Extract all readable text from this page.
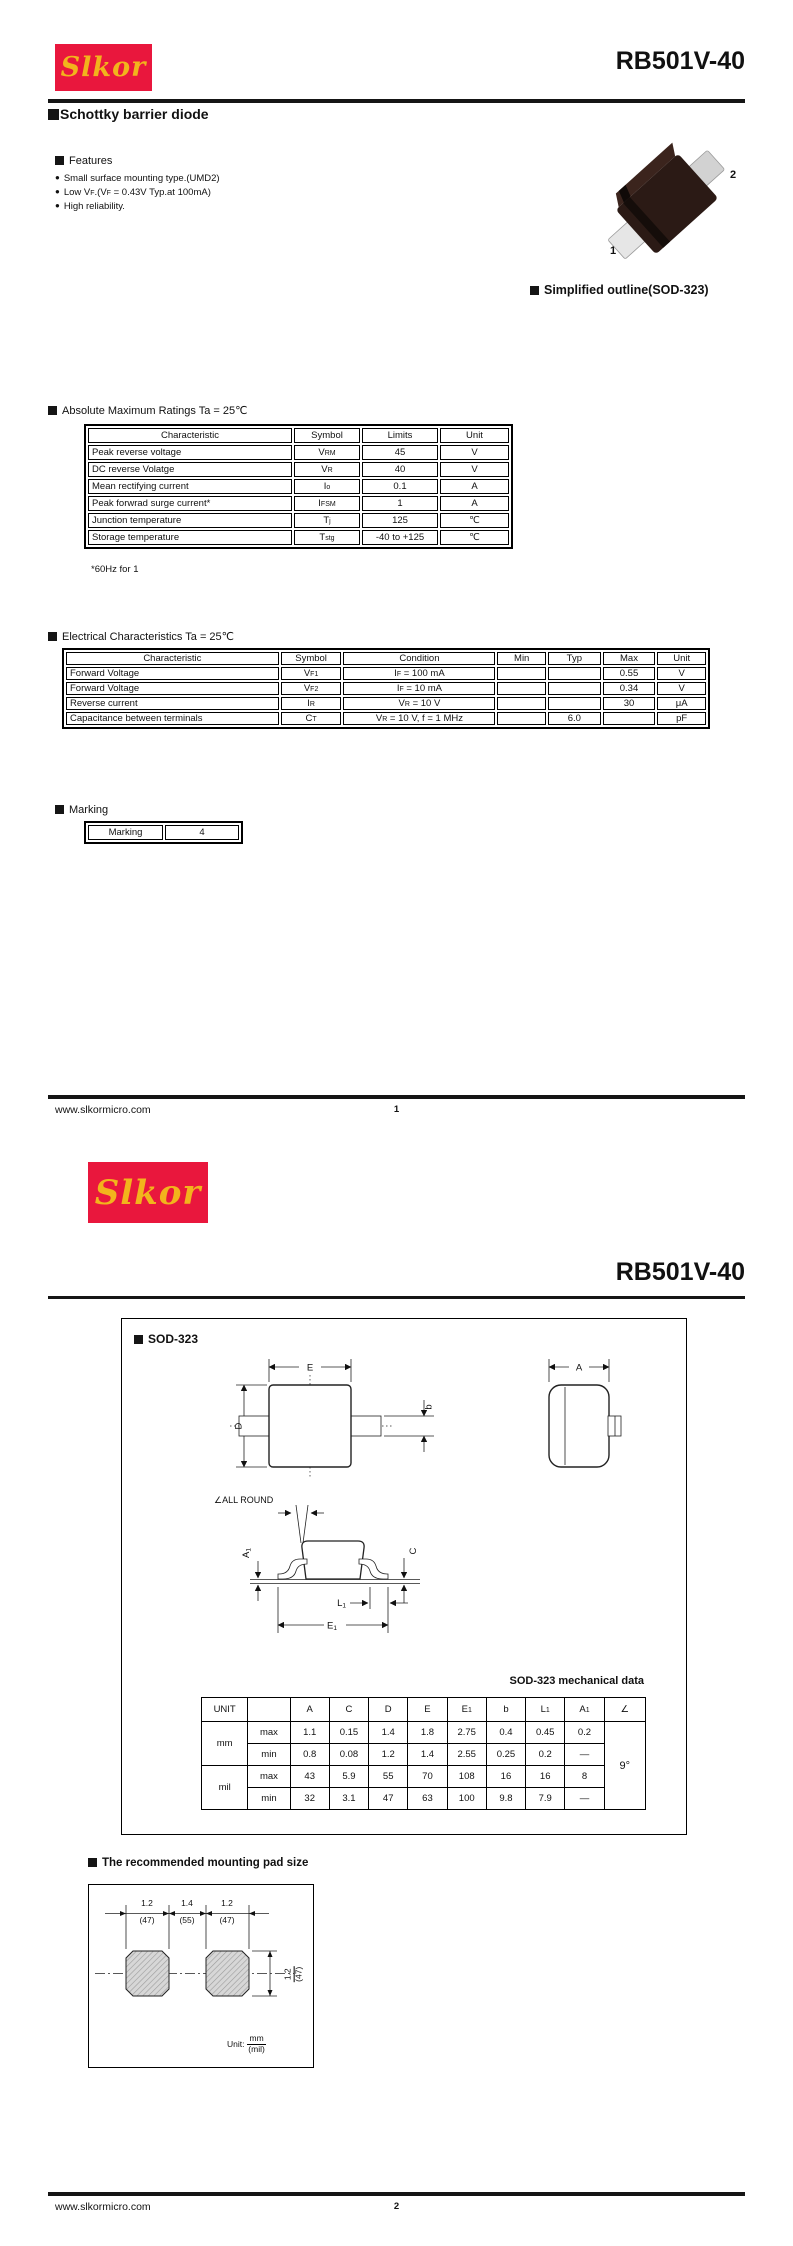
Slkor	RB501V-40
Schottky barrier diode
Features
● Small surface mounting type.(UMD2)
● Low VF.(VF = 0.43V Typ.at 100mA)
● High reliability.
2
1
Simplified outline(SOD-323)
Absolute Maximum Ratings Ta = 25℃
Characteristic	Symbol	Limits	Unit
Peak reverse voltage	VRM	45	V
DC reverse Volatge	VR	40	V
Mean rectifying current	Io	0.1	A
Peak forwrad surge current*	IFSM	1	A
Junction temperature	Tj	125	℃
Storage temperature	Tstg	-40 to +125	℃
*60Hz for 1
Electrical Characteristics Ta = 25℃
Characteristic	Symbol	Condition	Min	Typ	Max	Unit
Forward Voltage	VF1	IF = 100 mA			0.55	V
Forward Voltage	VF2	IF = 10 mA			0.34	V
Reverse current	IR	VR = 10 V			30	μA
Capacitance between terminals	CT	VR = 10 V, f = 1 MHz		6.0		pF
Marking
Marking	4
www.slkormicro.com	1
Slkor
RB501V-40
SOD-323
E
D
b
A
∠ALL ROUND
A1	C
L1
E1
SOD-323 mechanical data
UNIT		A	C	D	E	E1	b	L1	A1	∠
mm	max	1.1	0.15	1.4	1.8	2.75	0.4	0.45	0.2	9°
	min	0.8	0.08	1.2	1.4	2.55	0.25	0.2	—	
mil	max	43	5.9	55	70	108	16	16	8	
	min	32	3.1	47	63	100	9.8	7.9	—	
The recommended mounting pad size
1.2	1.4	1.2
(47)	(55)	(47)
1.2 (47)
Unit:
mm
(mil)
www.slkormicro.com	2
